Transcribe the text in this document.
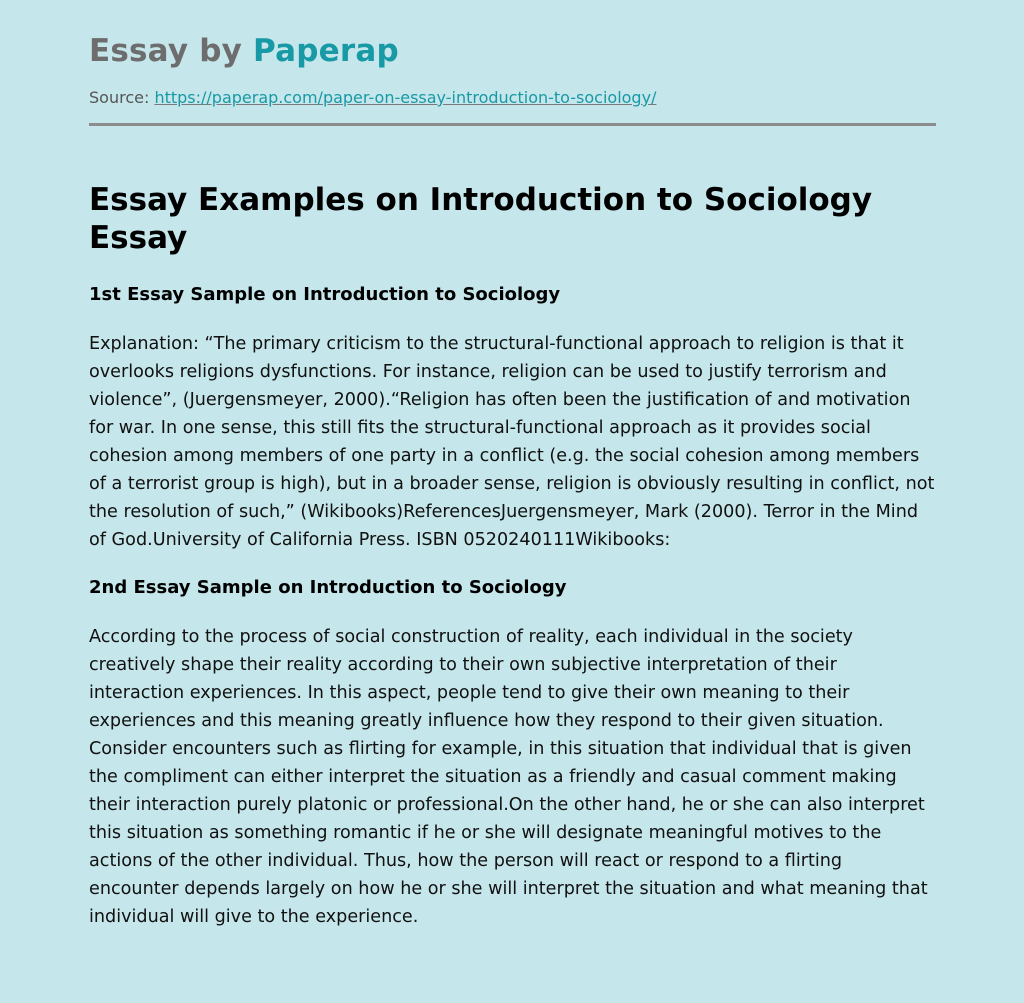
Essay by Paperap
Source: https://paperap.com/paper-on-essay-introduction-to-sociology/
Essay Examples on Introduction to Sociology Essay
1st Essay Sample on Introduction to Sociology

Explanation: “The primary criticism to the structural-functional approach to religion is that it overlooks religions dysfunctions. For instance, religion can be used to justify terrorism and violence”, (Juergensmeyer, 2000).“Religion has often been the justification of and motivation for war. In one sense, this still fits the structural-functional approach as it provides social cohesion among members of one party in a conflict (e.g. the social cohesion among members of a terrorist group is high), but in a broader sense, religion is obviously resulting in conflict, not the resolution of such,” (Wikibooks)ReferencesJuergensmeyer, Mark (2000). Terror in the Mind of God.University of California Press. ISBN 0520240111Wikibooks:

2nd Essay Sample on Introduction to Sociology

According to the process of social construction of reality, each individual in the society creatively shape their reality according to their own subjective interpretation of their interaction experiences. In this aspect, people tend to give their own meaning to their experiences and this meaning greatly influence how they respond to their given situation. Consider encounters such as flirting for example, in this situation that individual that is given the compliment can either interpret the situation as a friendly and casual comment making their interaction purely platonic or professional.On the other hand, he or she can also interpret this situation as something romantic if he or she will designate meaningful motives to the actions of the other individual. Thus, how the person will react or respond to a flirting encounter depends largely on how he or she will interpret the situation and what meaning that individual will give to the experience.
